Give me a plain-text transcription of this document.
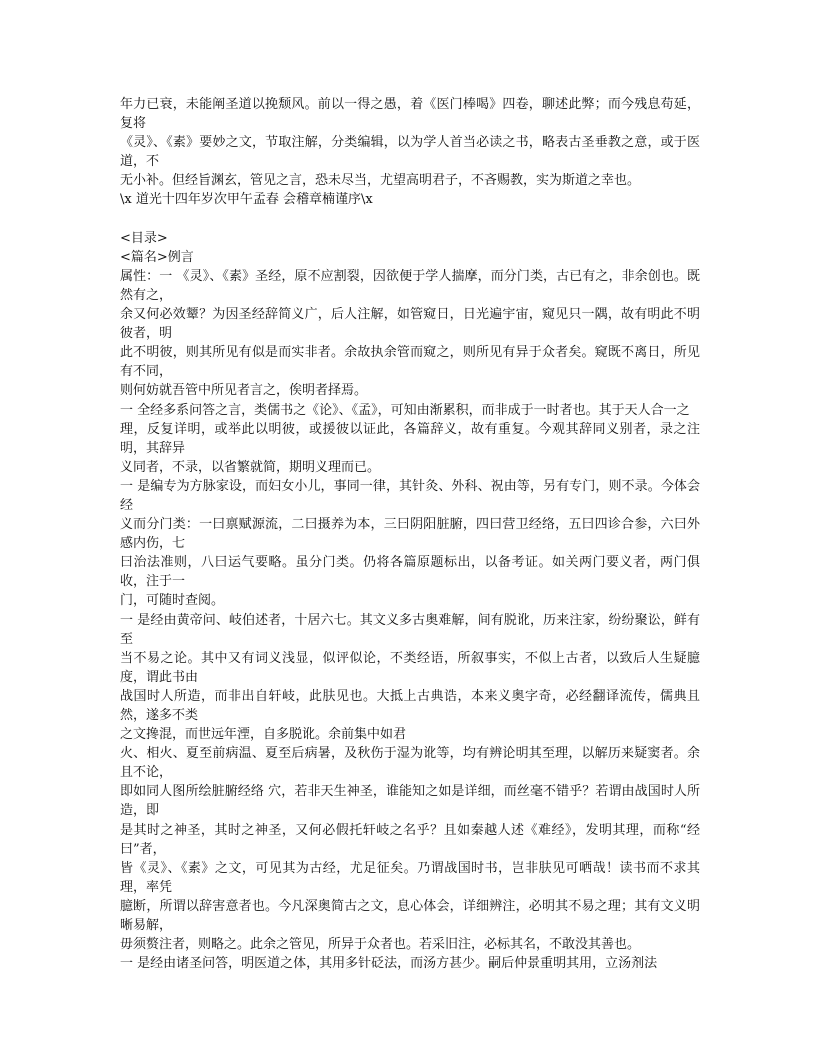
年力已衰，未能阐圣道以挽颓风。前以一得之愚，着《医门棒喝》四卷，聊述此弊；而今残息苟延，复将
《灵》、《素》要妙之文，节取注解，分类编辑，以为学人首当必读之书，略表古圣垂教之意，或于医道，不
无小补。但经旨渊玄，管见之言，恐未尽当，尤望高明君子，不吝赐教，实为斯道之幸也。
\x 道光十四年岁次甲午孟春 会稽章楠谨序\x
<目录>
<篇名>例言
属性：一 《灵》、《素》圣经，原不应割裂，因欲便于学人揣摩，而分门类，古已有之，非余创也。既然有之，
余又何必效颦？为因圣经辞简义广，后人注解，如管窥日，日光遍宇宙，窥见只一隅，故有明此不明彼者，明
此不明彼，则其所见有似是而实非者。余故执余管而窥之，则所见有异于众者矣。窥既不离日，所见有不同，
则何妨就吾管中所见者言之，俟明者择焉。
一 全经多系问答之言，类儒书之《论》、《孟》，可知由渐累积，而非成于一时者也。其于天人合一之
理，反复详明，或举此以明彼，或援彼以证此，各篇辞义，故有重复。今观其辞同义别者，录之注明，其辞异
义同者，不录，以省繁就简，期明义理而已。
一 是编专为方脉家设，而妇女小儿，事同一律，其针灸、外科、祝由等，另有专门，则不录。今体会经
义而分门类：一曰禀赋源流，二曰摄养为本，三曰阴阳脏腑，四曰营卫经络，五曰四诊合参，六曰外感内伤，七
曰治法准则，八曰运气要略。虽分门类。仍将各篇原题标出，以备考证。如关两门要义者，两门俱收，注于一
门，可随时查阅。
一 是经由黄帝问、岐伯述者，十居六七。其文义多古奥难解，间有脱讹，历来注家，纷纷聚讼，鲜有至
当不易之论。其中又有词义浅显，似评似论，不类经语，所叙事实，不似上古者，以致后人生疑臆度，谓此书由
战国时人所造，而非出自轩岐，此肤见也。大抵上古典诰，本来义奥字奇，必经翻译流传，儒典且然，遂多不类
之文搀混，而世远年湮，自多脱讹。余前集中如君
火、相火、夏至前病温、夏至后病暑，及秋伤于湿为讹等，均有辨论明其至理，以解历来疑窦者。余且不论，
即如同人图所绘脏腑经络 穴，若非天生神圣，谁能知之如是详细，而丝毫不错乎？若谓由战国时人所造，即
是其时之神圣，其时之神圣，又何必假托轩岐之名乎？且如秦越人述《难经》，发明其理，而称“经曰”者，
皆《灵》、《素》之文，可见其为古经，尤足征矣。乃谓战国时书，岂非肤见可哂哉！读书而不求其理，率凭
臆断，所谓以辞害意者也。今凡深奥简古之文，息心体会，详细辨注，必明其不易之理；其有文义明晰易解，
毋须赘注者，则略之。此余之管见，所异于众者也。若采旧注，必标其名，不敢没其善也。
一 是经由诸圣问答，明医道之体，其用多针砭法，而汤方甚少。嗣后仲景重明其用，立汤剂法
